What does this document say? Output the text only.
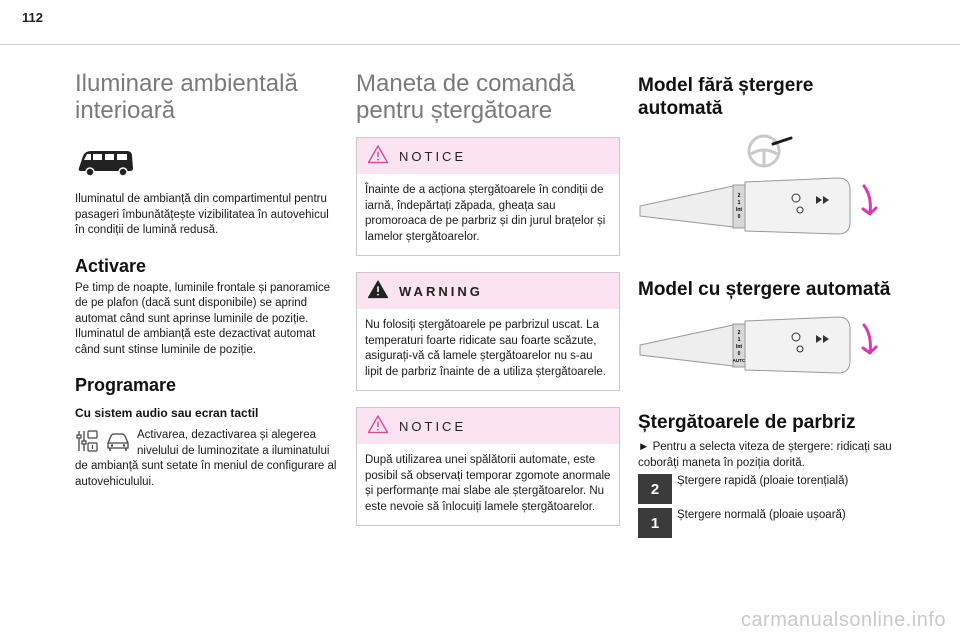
112
Iluminare ambientală interioară

Iluminatul de ambianță din compartimentul pentru pasageri îmbunătățește vizibilitatea în autovehicul în condiții de lumină redusă.

Activare

Pe timp de noapte, luminile frontale și panoramice de pe plafon (dacă sunt disponibile) se aprind automat când sunt aprinse luminile de poziție.

Iluminatul de ambianță este dezactivat automat când sunt stinse luminile de poziție.

Programare
Cu sistem audio sau ecran tactil

Activarea, dezactivarea și alegerea nivelului de luminozitate a iluminatului de ambianță sunt setate în meniul de configurare al autovehiculului.

Maneta de comandă pentru ștergătoare
NOTICE
Înainte de a acționa ștergătoarele în condiții de iarnă, îndepărtați zăpada, gheața sau promoroaca de pe parbriz și din jurul brațelor și lamelor ștergătoarelor.
WARNING
Nu folosiți ștergătoarele pe parbrizul uscat. La temperaturi foarte ridicate sau foarte scăzute, asigurați-vă că lamele ștergătoarelor nu s-au lipit de parbriz înainte de a utiliza ștergătoarele.
NOTICE
După utilizarea unei spălătorii automate, este posibil să observați temporar zgomote anormale și performanțe mai slabe ale ștergătoarelor. Nu este nevoie să înlocuiți lamele ștergătoarelor.
Model fără ștergere automată
2
1
Int
0
Model cu ștergere automată
2
1
Int
0
AUTO
Ștergătoarele de parbriz

► Pentru a selecta viteza de ștergere: ridicați sau coborâți maneta în poziția dorită.

2	Ștergere rapidă (ploaie torențială)

1	Ștergere normală (ploaie ușoară)

carmanualsonline.info
